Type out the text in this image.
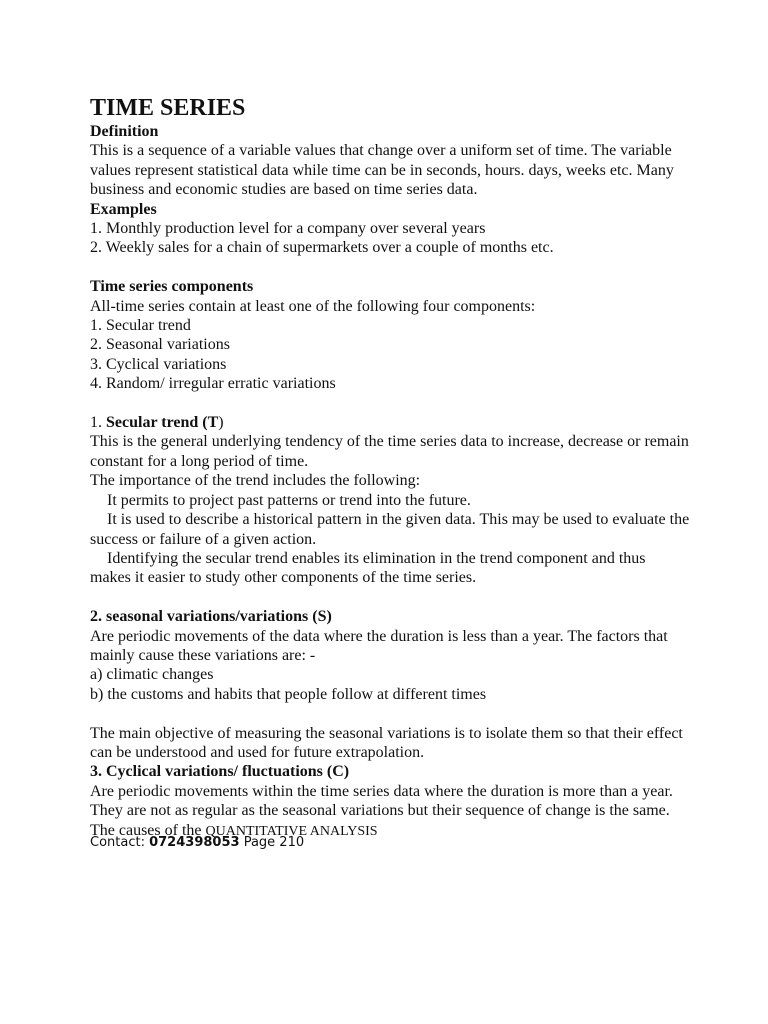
TIME SERIES

Definition

This is a sequence of a variable values that change over a uniform set of time. The variable values represent statistical data while time can be in seconds, hours. days, weeks etc. Many business and economic studies are based on time series data.

Examples

1. Monthly production level for a company over several years

2. Weekly sales for a chain of supermarkets over a couple of months etc.

Time series components

All-time series contain at least one of the following four components:

1. Secular trend

2. Seasonal variations

3. Cyclical variations

4. Random/ irregular erratic variations

1. Secular trend (T)

This is the general underlying tendency of the time series data to increase, decrease or remain constant for a long period of time.

The importance of the trend includes the following:

It permits to project past patterns or trend into the future.

It is used to describe a historical pattern in the given data. This may be used to evaluate the success or failure of a given action.

Identifying the secular trend enables its elimination in the trend component and thus makes it easier to study other components of the time series.

2. seasonal variations/variations (S)

Are periodic movements of the data where the duration is less than a year. The factors that mainly cause these variations are: -

a) climatic changes

b) the customs and habits that people follow at different times

The main objective of measuring the seasonal variations is to isolate them so that their effect can be understood and used for future extrapolation.

3. Cyclical variations/ fluctuations (C)

Are periodic movements within the time series data where the duration is more than a year. They are not as regular as the seasonal variations but their sequence of change is the same. The causes of the QUANTITATIVE ANALYSIS

Contact: 0724398053 Page 210
